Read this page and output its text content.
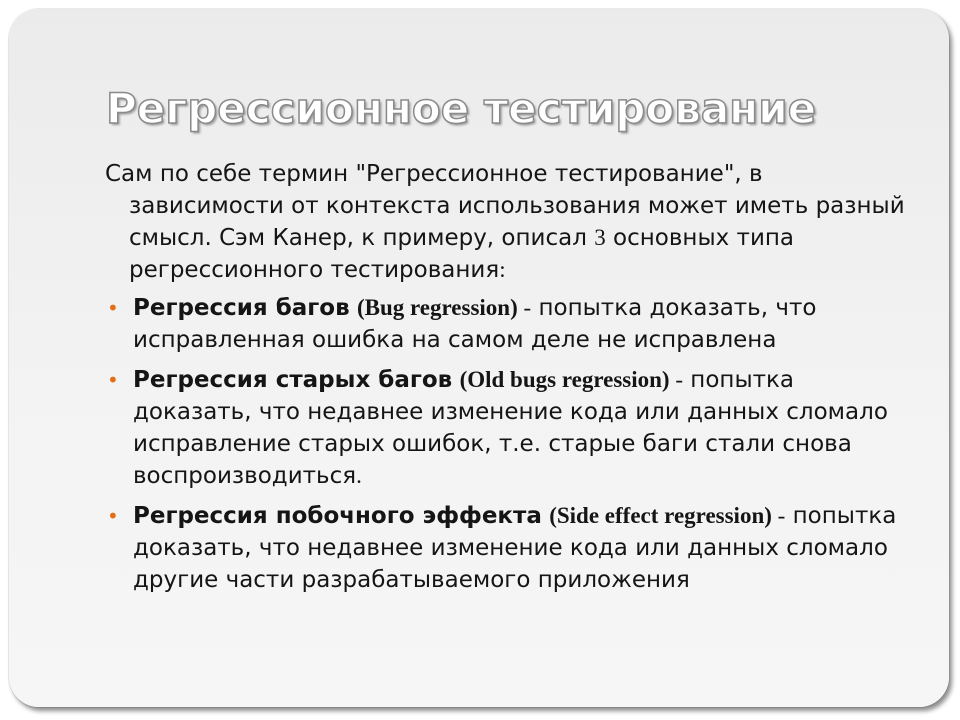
Регрессионное тестирование

Сам по себе термин "Регрессионное тестирование", в зависимости от контекста использования может иметь разный смысл. Сэм Канер, к примеру, описал 3 основных типа регрессионного тестирования:

• Регрессия багов (Bug regression) - попытка доказать, что исправленная ошибка на самом деле не исправлена
• Регрессия старых багов (Old bugs regression) - попытка доказать, что недавнее изменение кода или данных сломало исправление старых ошибок, т.е. старые баги стали снова воспроизводиться.
• Регрессия побочного эффекта (Side effect regression) - попытка доказать, что недавнее изменение кода или данных сломало другие части разрабатываемого приложения
